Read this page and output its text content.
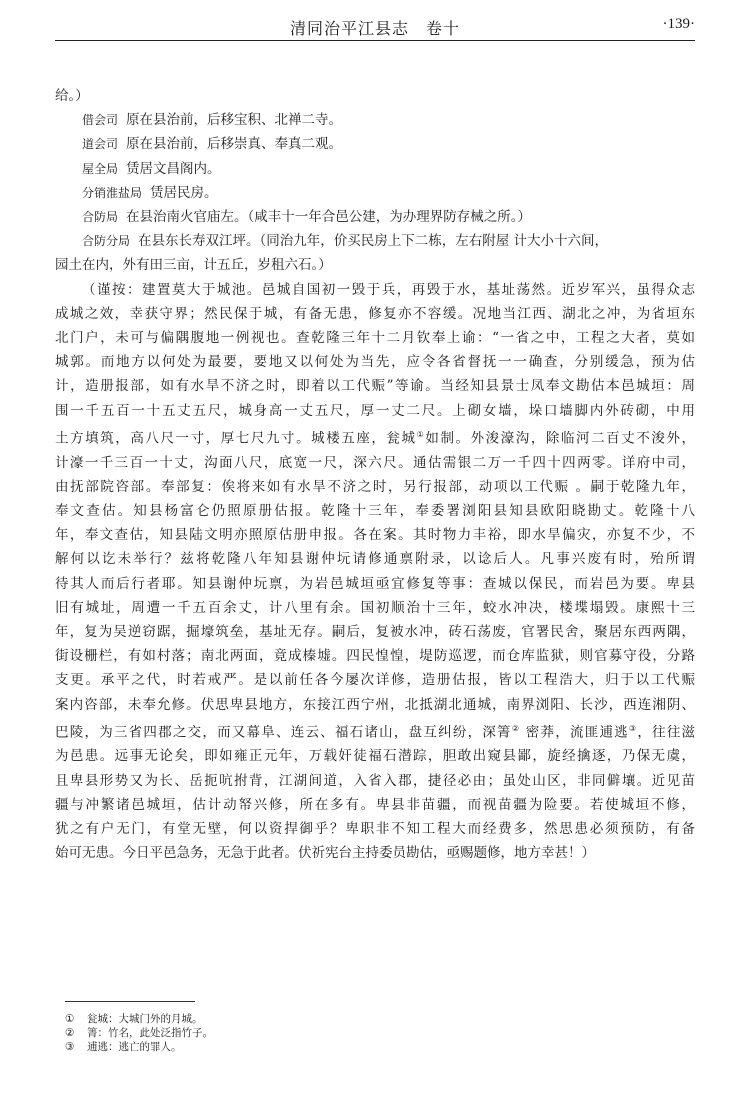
清同治平江县志　卷十	·139·
给。）
借会司 原在县治前，后移宝积、北禅二寺。
道会司 原在县治前，后移崇真、奉真二观。
屋全局 赁居文昌阁内。
分销淮盐局 赁居民房。
合防局 在县治南火官庙左。（咸丰十一年合邑公建，为办理界防存械之所。）
合防分局 在县东长寿双江坪。（同治九年，价买民房上下二栋，左右附屋 计大小十六间，
园土在内，外有田三亩，计五丘，岁租六石。）
（谨按：建置莫大于城池。邑城自国初一毁于兵，再毁于水，基址荡然。近岁军兴，虽得众志
成城之效，幸获守界；然民保于城，有备无患，修复亦不容缓。况地当江西、湖北之冲，为省垣东
北门户，未可与偏隅腹地一例视也。查乾隆三年十二月钦奉上谕：“一省之中，工程之大者，莫如
城郭。而地方以何处为最要，要地又以何处为当先，应令各省督抚一一确查，分别缓急，预为估
计，造册报部，如有水旱不济之时，即着以工代赈”等谕。当经知县景士凤奉文勘估本邑城垣：周
围一千五百一十五丈五尺，城身高一丈五尺，厚一丈二尺。上砌女墙，垛口墙脚内外砖砌，中用
土方填筑，高八尺一寸，厚七尺九寸。城楼五座，瓮城①如制。外浚濠沟，除临河二百丈不浚外，
计濠一千三百一十丈，沟面八尺，底宽一尺，深六尺。通估需银二万一千四十四两零。详府中司，
由抚部院咨部。奉部复：俟将来如有水旱不济之时，另行报部，动项以工代赈 。嗣于乾隆九年，
奉文查估。知县杨富仑仍照原册估报。乾隆十三年，奉委署浏阳县知县欧阳晓勘丈。乾隆十八
年，奉文查估，知县陆文明亦照原估册申报。各在案。其时物力丰裕，即水旱偏灾，亦复不少，不
解何以讫未举行？兹将乾隆八年知县谢仲坃请修通禀附录，以谂后人。凡事兴废有时，殆所谓
待其人而后行者耶。知县谢仲坃禀，为岩邑城垣亟宜修复等事：查城以保民，而岩邑为要。卑县
旧有城址，周遭一千五百余丈，计八里有余。国初顺治十三年，蛟水冲决，楼堞塌毁。康熙十三
年，复为吴逆窃踞，掘壕筑垒，基址无存。嗣后，复被水冲，砖石荡废，官署民舍，聚居东西两隅，
街设栅栏，有如村落；南北两面，竟成榛墟。四民惶惶，堤防巡逻，而仓库监狱，则官募守役，分路
支更。承平之代，时若戒严。是以前任各今屡次详修，造册估报，皆以工程浩大，归于以工代赈
案内咨部，未奉允修。伏思卑县地方，东接江西宁州，北抵湖北通城，南界浏阳、长沙，西连湘阴、
巴陵，为三省四郡之交，而又幕阜、连云、福石诸山，盘互纠纷，深箐② 密莽，流匪逋逃③，往往滋
为邑患。远事无论矣，即如雍正元年，万载奸徒福石潜踪，胆敢出窥县鄙，旋经擒逐，乃保无虞，
且卑县形势又为长、岳扼吭拊背，江湖间道，入省入郡，捷径必由；虽处山区，非同僻壤。近见苗
疆与冲繁诸邑城垣，估计动帑兴修，所在多有。卑县非苗疆，而视苗疆为险要。若使城垣不修，
犹之有户无门，有堂无壁，何以资捍御乎？卑职非不知工程大而经费多，然思患必须预防，有备
始可无患。今日平邑急务，无急于此者。伏祈宪台主持委员勘估，亟赐题修，地方幸甚！）
① 瓮城：大城门外的月城。
② 箐：竹名，此处泛指竹子。
③ 逋逃：逃亡的罪人。
